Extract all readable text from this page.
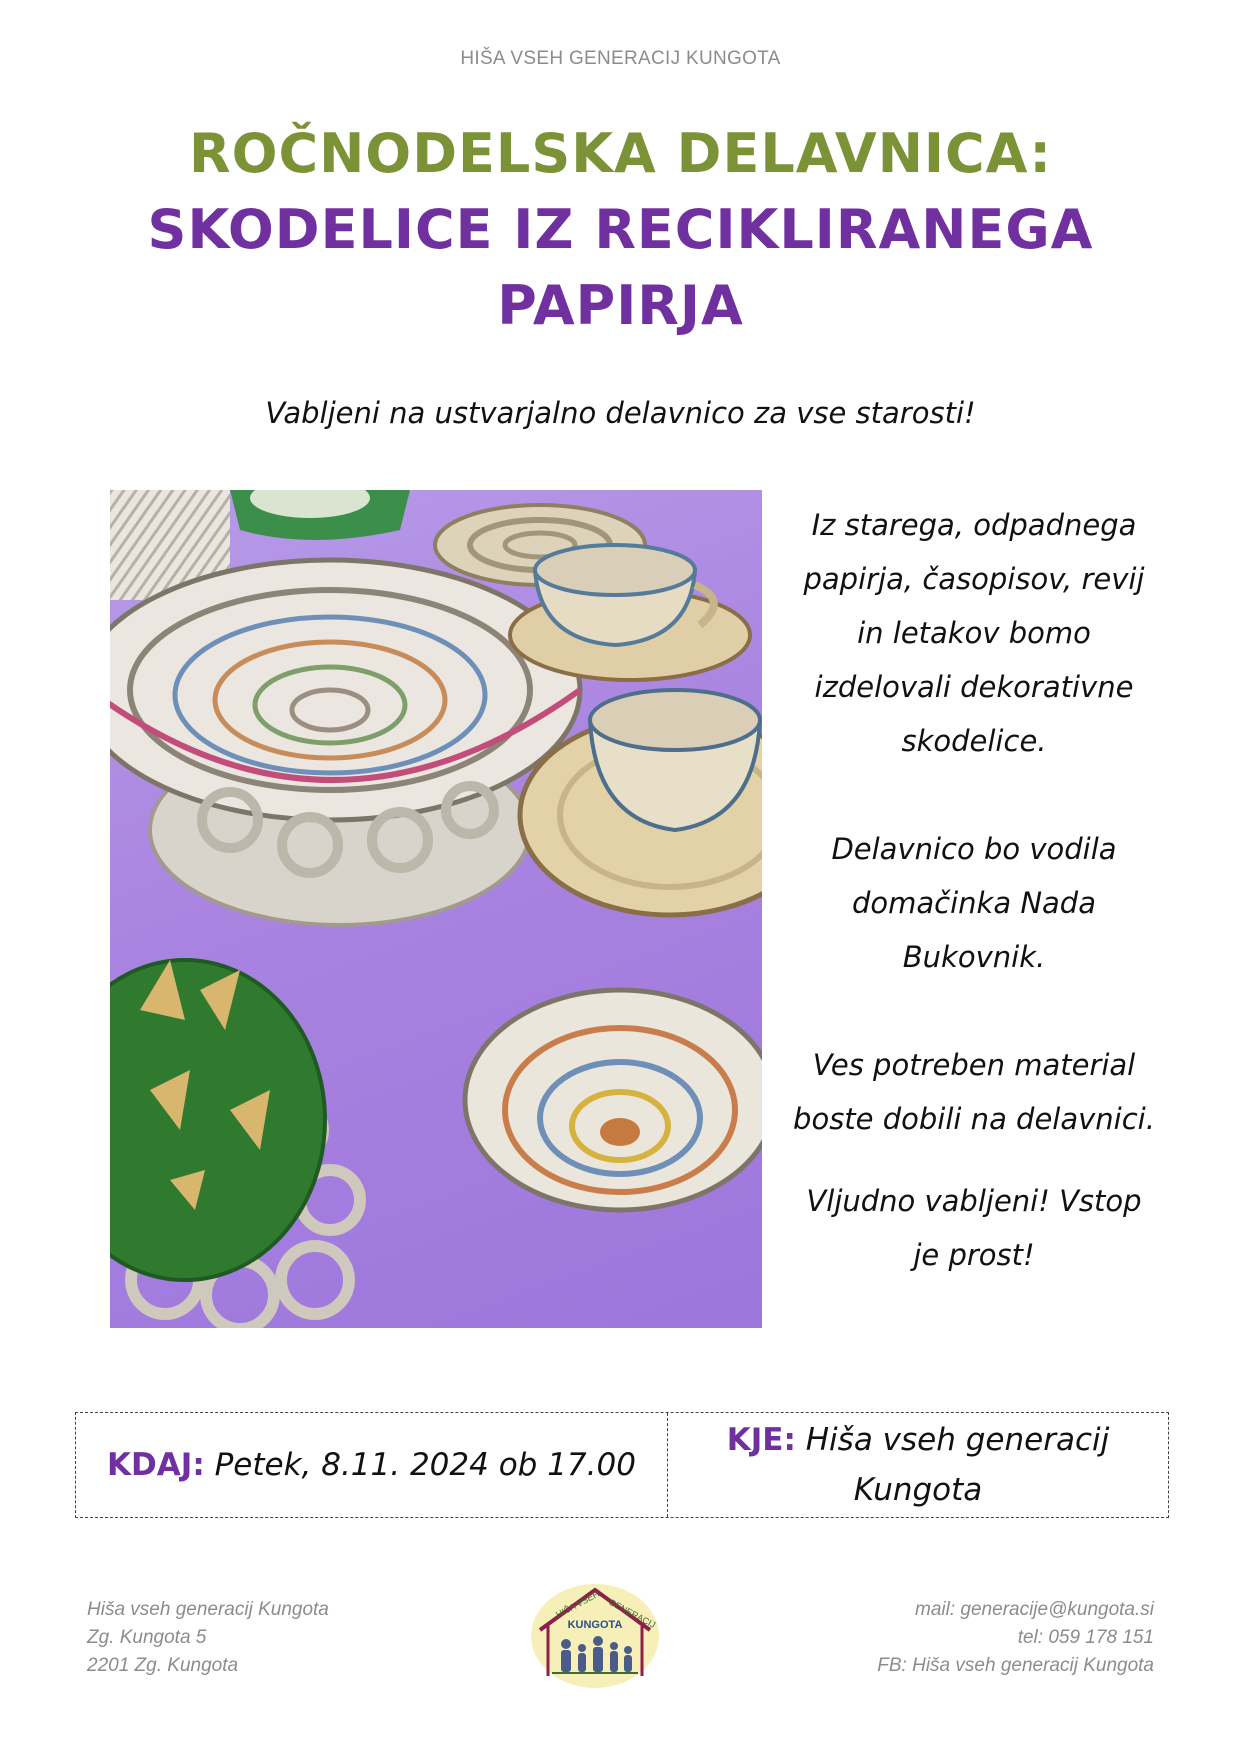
HIŠA VSEH GENERACIJ KUNGOTA
ROČNODELSKA DELAVNICA:
SKODELICE IZ RECIKLIRANEGA
PAPIRJA
Vabljeni na ustvarjalno delavnico za vse starosti!

Iz starega, odpadnega
papirja, časopisov, revij
in letakov bomo
izdelovali dekorativne
skodelice.

Delavnico bo vodila
domačinka Nada
Bukovnik.

Ves potreben material
boste dobili na delavnici.

Vljudno vabljeni! Vstop
je prost!

KDAJ: Petek, 8.11. 2024 ob 17.00
KJE: Hiša vseh generacij
Kungota
Hiša vseh generacij Kungota
Zg. Kungota 5
2201 Zg. Kungota
HIŠA VSEH GENERACIJ
KUNGOTA
mail: generacije@kungota.si
tel: 059 178 151
FB: Hiša vseh generacij Kungota
